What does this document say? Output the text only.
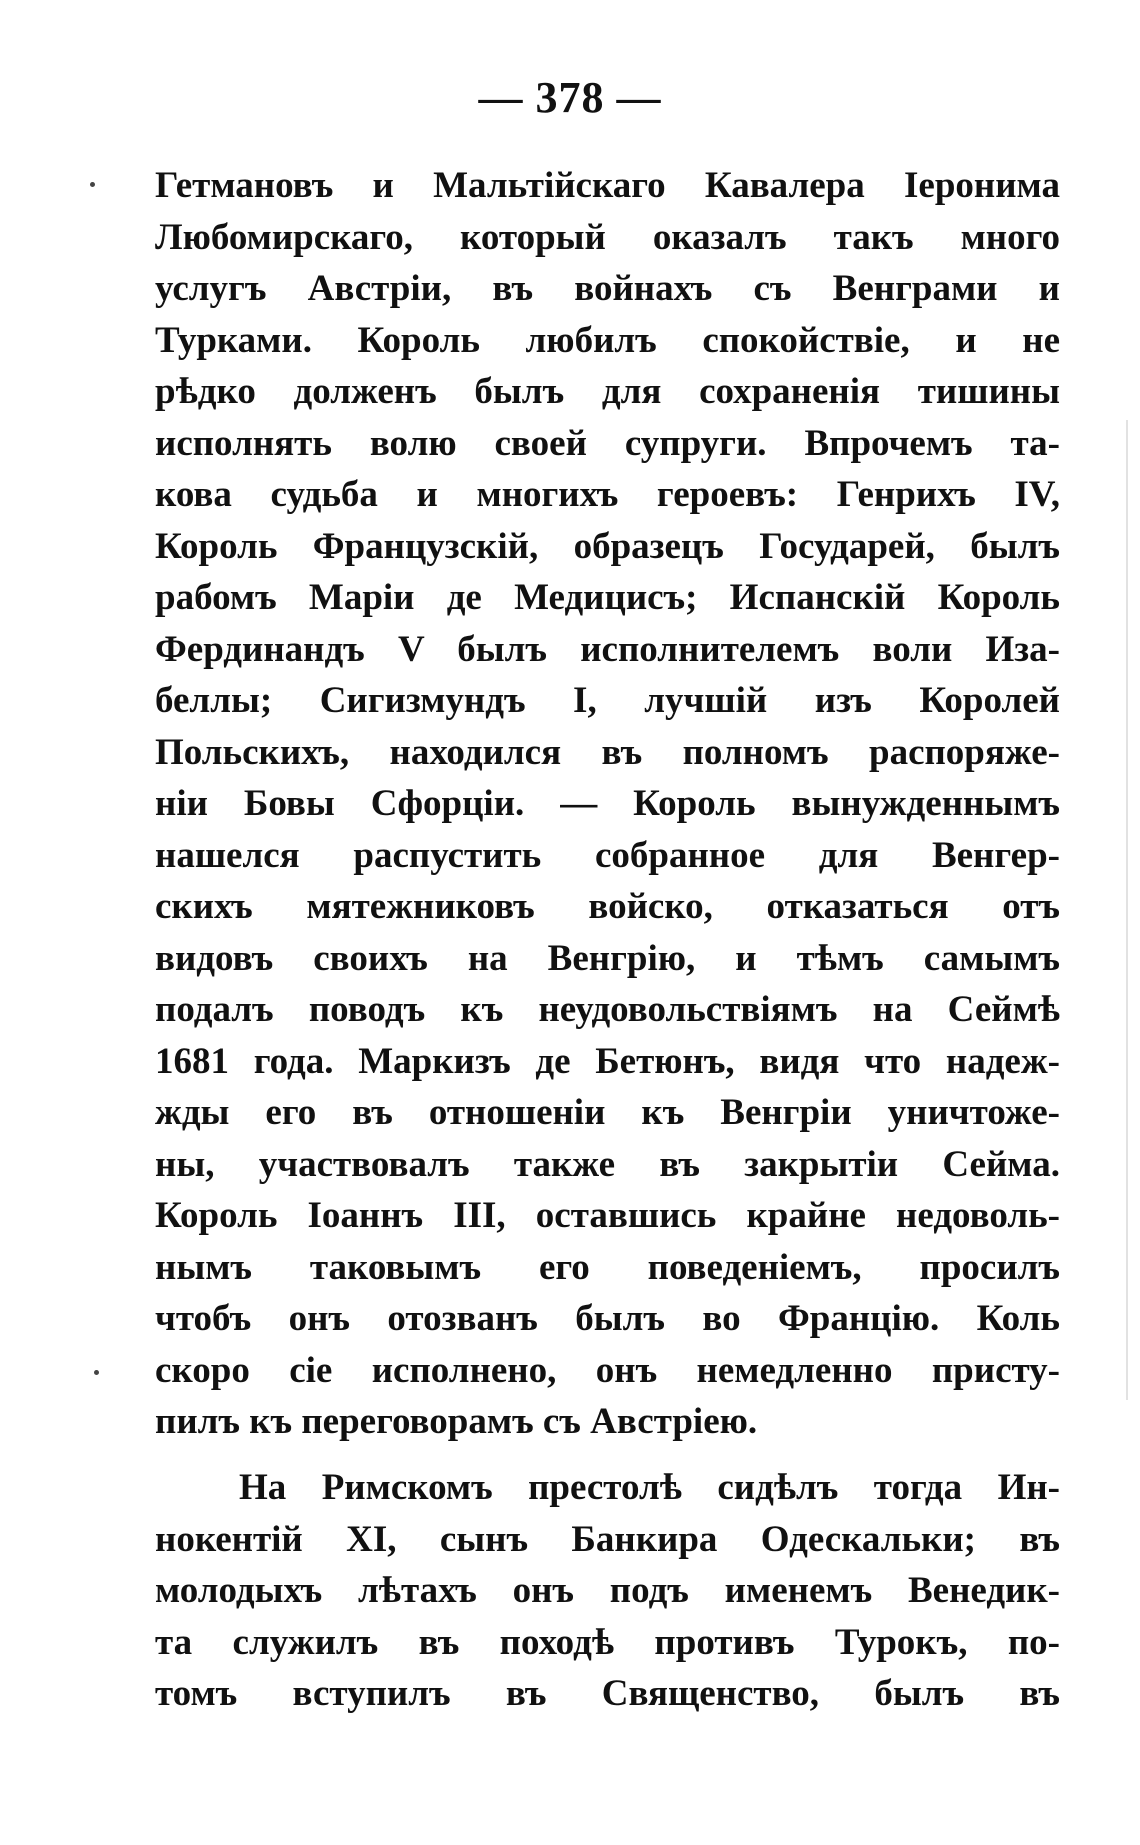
— 378 —
Гетмановъ и Мальтійскаго Кавалера Іеронима
Любомирскаго, который оказалъ такъ много
услугъ Австріи, въ войнахъ съ Венграми и
Турками. Король любилъ спокойствіе, и не
рѣдко долженъ былъ для сохраненія тишины
исполнять волю своей супруги. Впрочемъ та-
кова судьба и многихъ героевъ: Генрихъ IV,
Король Французскій, образецъ Государей, былъ
рабомъ Маріи де Медицисъ; Испанскій Король
Фердинандъ V былъ исполнителемъ воли Иза-
беллы; Сигизмундъ I, лучшій изъ Королей
Польскихъ, находился въ полномъ распоряже-
ніи Бовы Сфорціи. — Король вынужденнымъ
нашелся распустить собранное для Венгер-
скихъ мятежниковъ войско, отказаться отъ
видовъ своихъ на Венгрію, и тѣмъ самымъ
подалъ поводъ къ неудовольствіямъ на Сеймѣ
1681 года. Маркизъ де Бетюнъ, видя что надеж-
жды его въ отношеніи къ Венгріи уничтоже-
ны, участвовалъ также въ закрытіи Сейма.
Король Іоаннъ III, оставшись крайне недоволь-
нымъ таковымъ его поведеніемъ, просилъ
чтобъ онъ отозванъ былъ во Францію. Коль
скоро сіе исполнено, онъ немедленно присту-
пилъ къ переговорамъ съ Австріею.
На Римскомъ престолѣ сидѣлъ тогда Ин-
нокентій XI, сынъ Банкира Одескальки; въ
молодыхъ лѣтахъ онъ подъ именемъ Венедик-
та служилъ въ походѣ противъ Турокъ, по-
томъ вступилъ въ Священство, былъ въ
